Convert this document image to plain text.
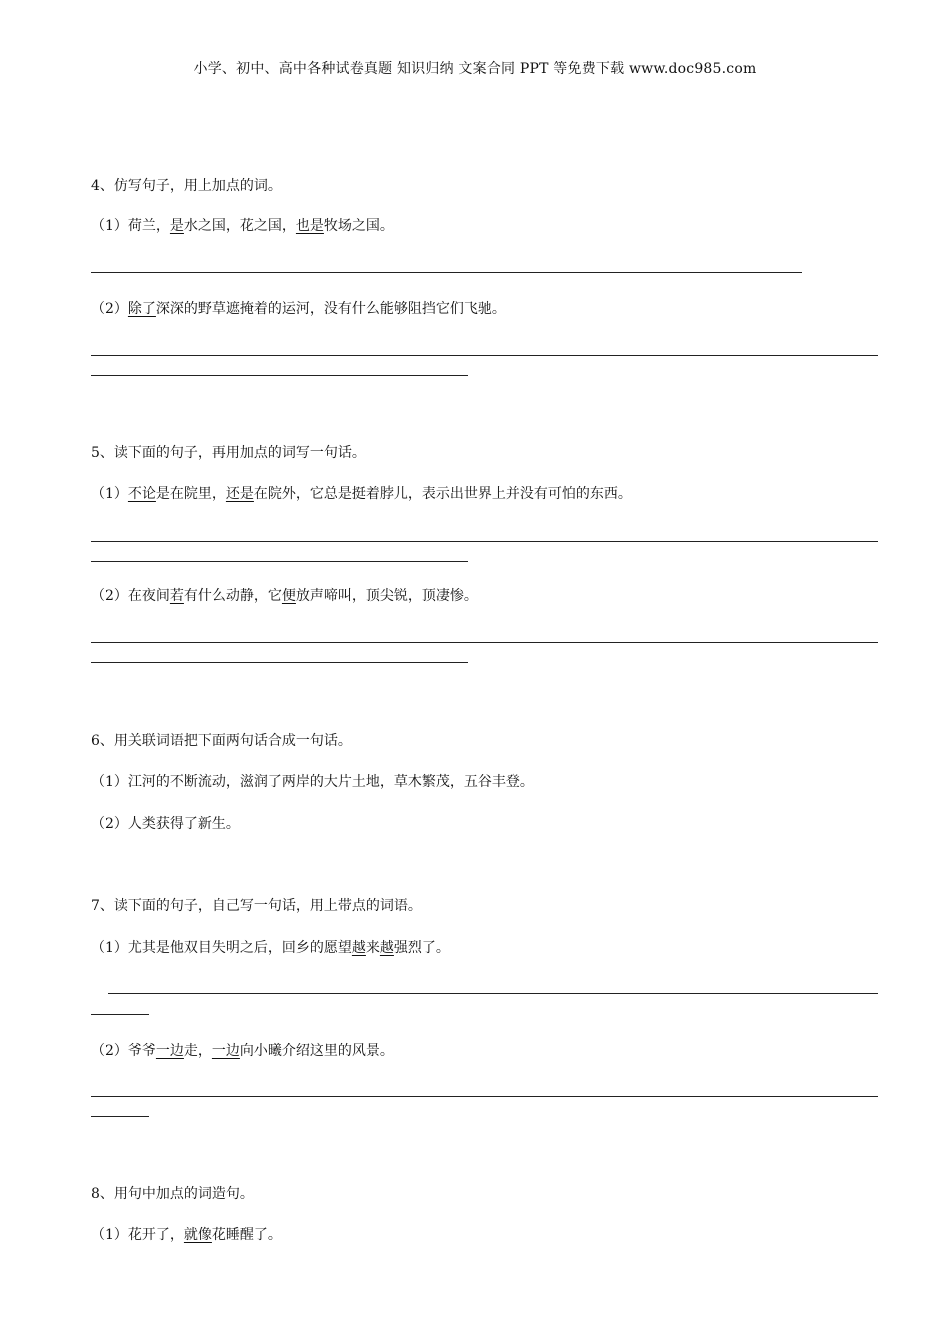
小学、初中、高中各种试卷真题 知识归纳 文案合同 PPT 等免费下载 www.doc985.com
4、仿写句子，用上加点的词。
（1）荷兰，是水之国，花之国，也是牧场之国。
（2）除了深深的野草遮掩着的运河，没有什么能够阻挡它们飞驰。
5、读下面的句子，再用加点的词写一句话。
（1）不论是在院里，还是在院外，它总是挺着脖儿，表示出世界上并没有可怕的东西。
（2）在夜间若有什么动静，它便放声啼叫，顶尖锐，顶凄惨。
6、用关联词语把下面两句话合成一句话。
（1）江河的不断流动，滋润了两岸的大片土地，草木繁茂，五谷丰登。
（2）人类获得了新生。
7、读下面的句子，自己写一句话，用上带点的词语。
（1）尤其是他双目失明之后，回乡的愿望越来越强烈了。
（2）爷爷一边走，一边向小曦介绍这里的风景。
8、用句中加点的词造句。
（1）花开了，就像花睡醒了。
